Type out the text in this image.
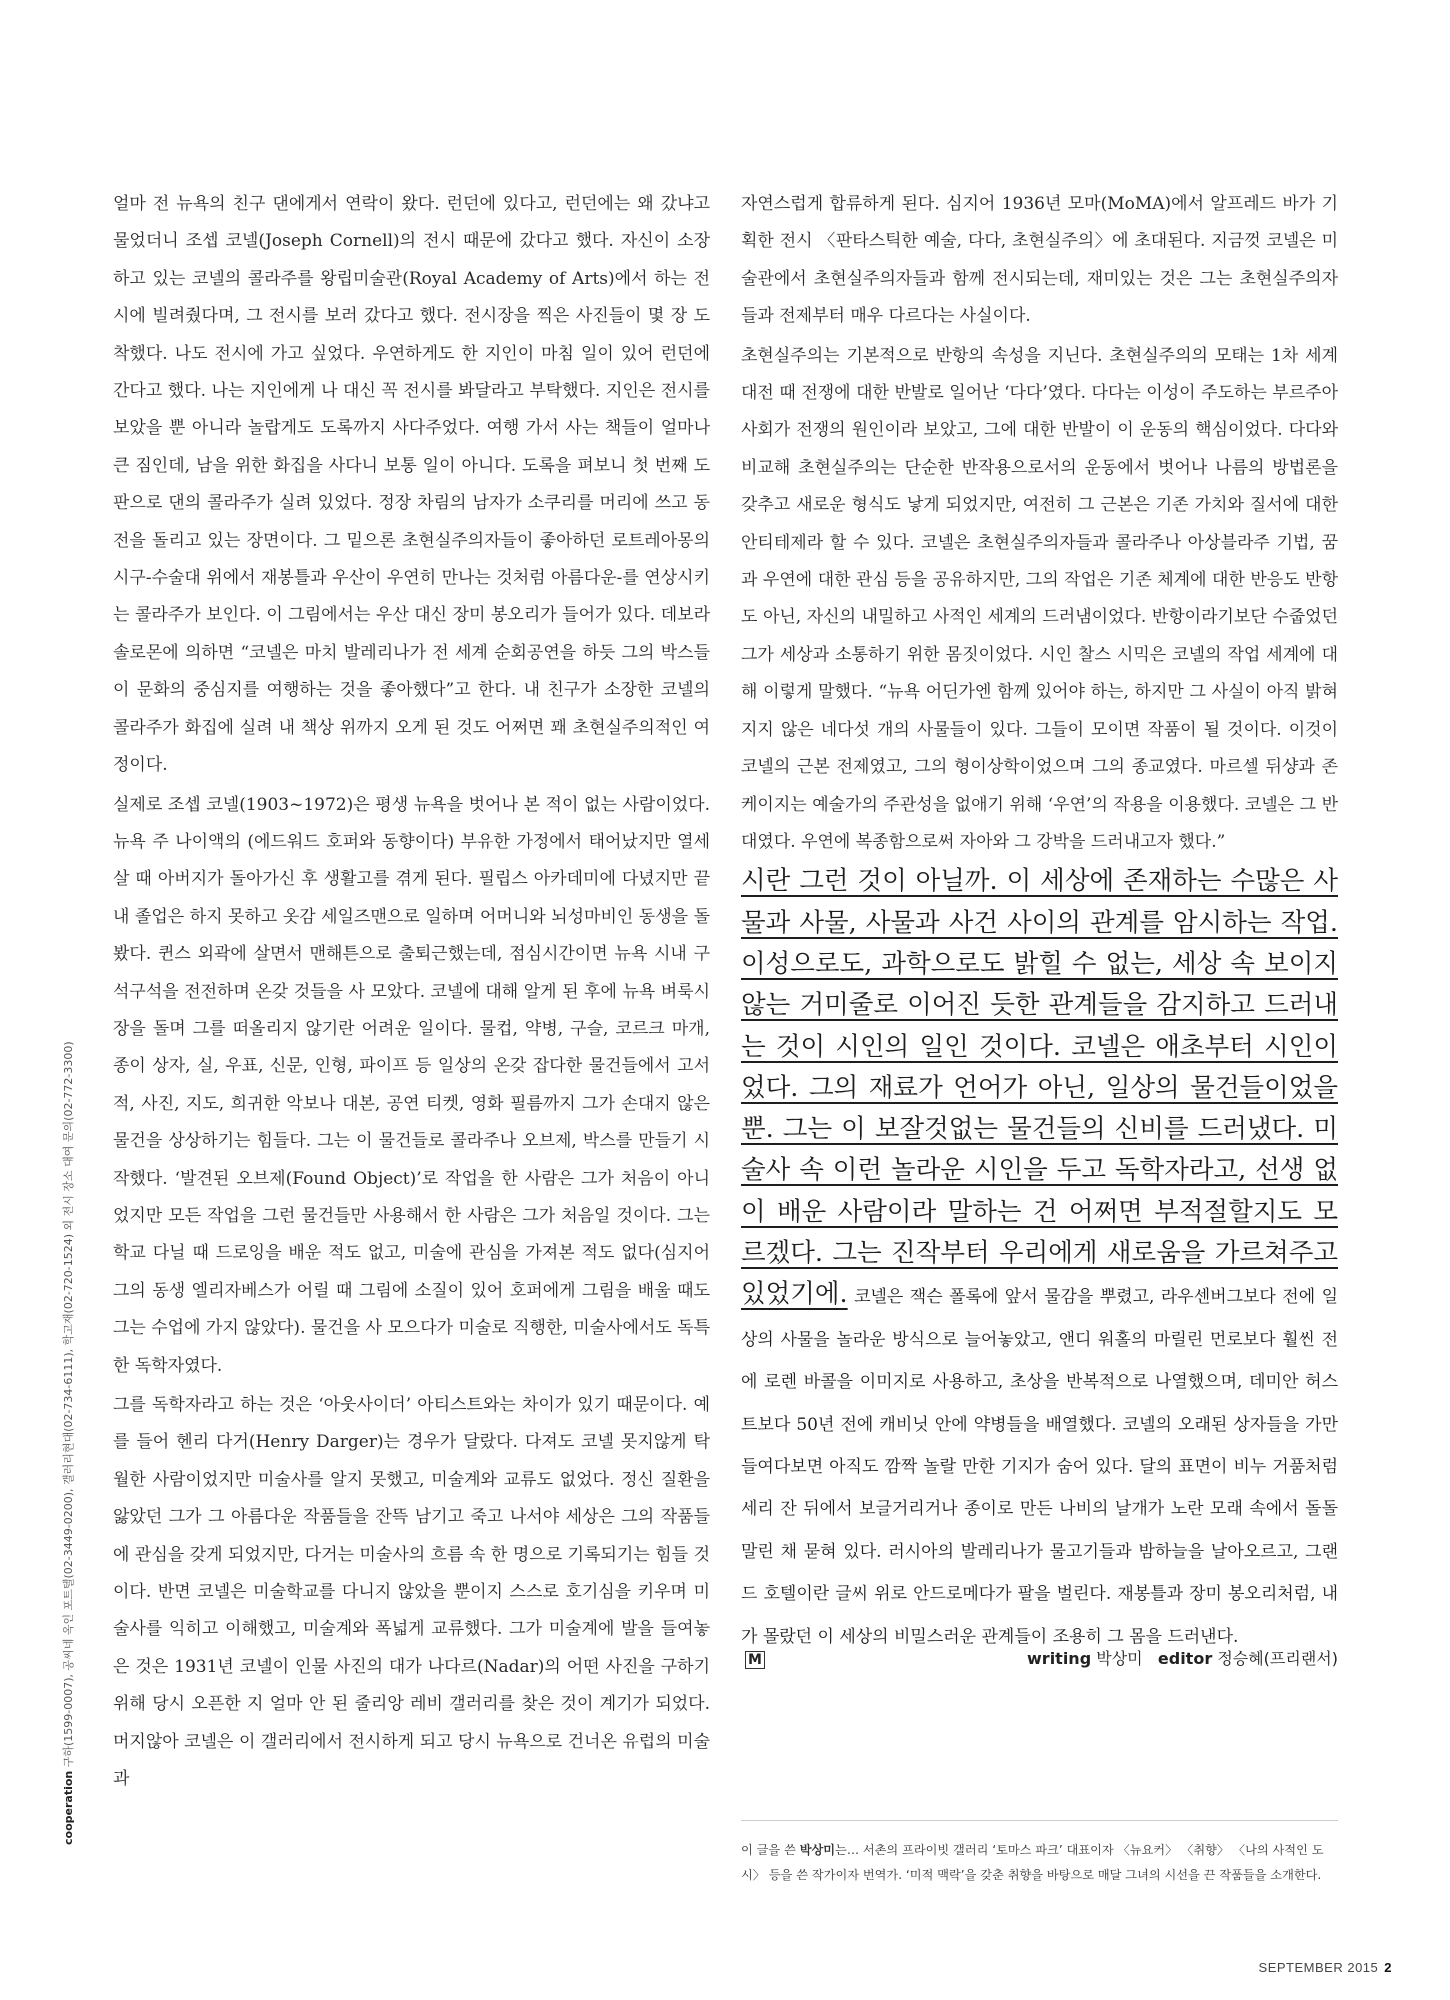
얼마 전 뉴욕의 친구 댄에게서 연락이 왔다. 런던에 있다고, 런던에는 왜 갔냐고 물었더니 조셉 코넬(Joseph Cornell)의 전시 때문에 갔다고 했다. 자신이 소장하고 있는 코넬의 콜라주를 왕립미술관(Royal Academy of Arts)에서 하는 전시에 빌려줬다며, 그 전시를 보러 갔다고 했다. 전시장을 찍은 사진들이 몇 장 도착했다. 나도 전시에 가고 싶었다. 우연하게도 한 지인이 마침 일이 있어 런던에 간다고 했다. 나는 지인에게 나 대신 꼭 전시를 봐달라고 부탁했다. 지인은 전시를 보았을 뿐 아니라 놀랍게도 도록까지 사다주었다. 여행 가서 사는 책들이 얼마나 큰 짐인데, 남을 위한 화집을 사다니 보통 일이 아니다. 도록을 펴보니 첫 번째 도판으로 댄의 콜라주가 실려 있었다. 정장 차림의 남자가 소쿠리를 머리에 쓰고 동전을 돌리고 있는 장면이다. 그 밑으론 초현실주의자들이 좋아하던 로트레아몽의 시구-수술대 위에서 재봉틀과 우산이 우연히 만나는 것처럼 아름다운-를 연상시키는 콜라주가 보인다. 이 그림에서는 우산 대신 장미 봉오리가 들어가 있다. 데보라 솔로몬에 의하면 “코넬은 마치 발레리나가 전 세계 순회공연을 하듯 그의 박스들이 문화의 중심지를 여행하는 것을 좋아했다”고 한다. 내 친구가 소장한 코넬의 콜라주가 화집에 실려 내 책상 위까지 오게 된 것도 어쩌면 꽤 초현실주의적인 여정이다.

실제로 조셉 코넬(1903~1972)은 평생 뉴욕을 벗어나 본 적이 없는 사람이었다. 뉴욕 주 나이액의 (에드워드 호퍼와 동향이다) 부유한 가정에서 태어났지만 열세 살 때 아버지가 돌아가신 후 생활고를 겪게 된다. 필립스 아카데미에 다녔지만 끝내 졸업은 하지 못하고 옷감 세일즈맨으로 일하며 어머니와 뇌성마비인 동생을 돌봤다. 퀸스 외곽에 살면서 맨해튼으로 출퇴근했는데, 점심시간이면 뉴욕 시내 구석구석을 전전하며 온갖 것들을 사 모았다. 코넬에 대해 알게 된 후에 뉴욕 벼룩시장을 돌며 그를 떠올리지 않기란 어려운 일이다. 물컵, 약병, 구슬, 코르크 마개, 종이 상자, 실, 우표, 신문, 인형, 파이프 등 일상의 온갖 잡다한 물건들에서 고서적, 사진, 지도, 희귀한 악보나 대본, 공연 티켓, 영화 필름까지 그가 손대지 않은 물건을 상상하기는 힘들다. 그는 이 물건들로 콜라주나 오브제, 박스를 만들기 시작했다. ‘발견된 오브제(Found Object)’로 작업을 한 사람은 그가 처음이 아니었지만 모든 작업을 그런 물건들만 사용해서 한 사람은 그가 처음일 것이다. 그는 학교 다닐 때 드로잉을 배운 적도 없고, 미술에 관심을 가져본 적도 없다(심지어 그의 동생 엘리자베스가 어릴 때 그림에 소질이 있어 호퍼에게 그림을 배울 때도 그는 수업에 가지 않았다). 물건을 사 모으다가 미술로 직행한, 미술사에서도 독특한 독학자였다.

그를 독학자라고 하는 것은 ‘아웃사이더’ 아티스트와는 차이가 있기 때문이다. 예를 들어 헨리 다거(Henry Darger)는 경우가 달랐다. 다져도 코넬 못지않게 탁월한 사람이었지만 미술사를 알지 못했고, 미술계와 교류도 없었다. 정신 질환을 앓았던 그가 그 아름다운 작품들을 잔뜩 남기고 죽고 나서야 세상은 그의 작품들에 관심을 갖게 되었지만, 다거는 미술사의 흐름 속 한 명으로 기록되기는 힘들 것이다. 반면 코넬은 미술학교를 다니지 않았을 뿐이지 스스로 호기심을 키우며 미술사를 익히고 이해했고, 미술계와 폭넓게 교류했다. 그가 미술계에 발을 들여놓은 것은 1931년 코넬이 인물 사진의 대가 나다르(Nadar)의 어떤 사진을 구하기 위해 당시 오픈한 지 얼마 안 된 줄리앙 레비 갤러리를 찾은 것이 계기가 되었다. 머지않아 코넬은 이 갤러리에서 전시하게 되고 당시 뉴욕으로 건너온 유럽의 미술과

자연스럽게 합류하게 된다. 심지어 1936년 모마(MoMA)에서 알프레드 바가 기획한 전시 〈판타스틱한 예술, 다다, 초현실주의〉에 초대된다. 지금껏 코넬은 미술관에서 초현실주의자들과 함께 전시되는데, 재미있는 것은 그는 초현실주의자들과 전제부터 매우 다르다는 사실이다.

초현실주의는 기본적으로 반항의 속성을 지닌다. 초현실주의의 모태는 1차 세계대전 때 전쟁에 대한 반발로 일어난 ‘다다’였다. 다다는 이성이 주도하는 부르주아 사회가 전쟁의 원인이라 보았고, 그에 대한 반발이 이 운동의 핵심이었다. 다다와 비교해 초현실주의는 단순한 반작용으로서의 운동에서 벗어나 나름의 방법론을 갖추고 새로운 형식도 낳게 되었지만, 여전히 그 근본은 기존 가치와 질서에 대한 안티테제라 할 수 있다. 코넬은 초현실주의자들과 콜라주나 아상블라주 기법, 꿈과 우연에 대한 관심 등을 공유하지만, 그의 작업은 기존 체계에 대한 반응도 반항도 아닌, 자신의 내밀하고 사적인 세계의 드러냄이었다. 반항이라기보단 수줍었던 그가 세상과 소통하기 위한 몸짓이었다. 시인 찰스 시믹은 코넬의 작업 세계에 대해 이렇게 말했다. “뉴욕 어딘가엔 함께 있어야 하는, 하지만 그 사실이 아직 밝혀지지 않은 네다섯 개의 사물들이 있다. 그들이 모이면 작품이 될 것이다. 이것이 코넬의 근본 전제였고, 그의 형이상학이었으며 그의 종교였다. 마르셀 뒤샹과 존 케이지는 예술가의 주관성을 없애기 위해 ‘우연’의 작용을 이용했다. 코넬은 그 반대였다. 우연에 복종함으로써 자아와 그 강박을 드러내고자 했다.”

시란 그런 것이 아닐까. 이 세상에 존재하는 수많은 사물과 사물, 사물과 사건 사이의 관계를 암시하는 작업. 이성으로도, 과학으로도 밝힐 수 없는, 세상 속 보이지 않는 거미줄로 이어진 듯한 관계들을 감지하고 드러내는 것이 시인의 일인 것이다. 코넬은 애초부터 시인이었다. 그의 재료가 언어가 아닌, 일상의 물건들이었을 뿐. 그는 이 보잘것없는 물건들의 신비를 드러냈다. 미술사 속 이런 놀라운 시인을 두고 독학자라고, 선생 없이 배운 사람이라 말하는 건 어쩌면 부적절할지도 모르겠다. 그는 진작부터 우리에게 새로움을 가르쳐주고 있었기에. 코넬은 잭슨 폴록에 앞서 물감을 뿌렸고, 라우센버그보다 전에 일상의 사물을 놀라운 방식으로 늘어놓았고, 앤디 워홀의 마릴린 먼로보다 훨씬 전에 로렌 바콜을 이미지로 사용하고, 초상을 반복적으로 나열했으며, 데미안 허스트보다 50년 전에 캐비닛 안에 약병들을 배열했다. 코넬의 오래된 상자들을 가만 들여다보면 아직도 깜짝 놀랄 만한 기지가 숨어 있다. 달의 표면이 비누 거품처럼 세리 잔 뒤에서 보글거리거나 종이로 만든 나비의 날개가 노란 모래 속에서 돌돌 말린 채 묻혀 있다. 러시아의 발레리나가 물고기들과 밤하늘을 날아오르고, 그랜드 호텔이란 글씨 위로 안드로메다가 팔을 벌린다. 재봉틀과 장미 봉오리처럼, 내가 몰랐던 이 세상의 비밀스러운 관계들이 조용히 그 몸을 드러낸다.

M	writing 박상미 editor 정승혜(프리랜서)

이 글을 쓴 박상미는… 서촌의 프라이빗 갤러리 ‘토마스 파크’ 대표이자 〈뉴요커〉 〈취향〉 〈나의 사적인 도시〉 등을 쓴 작가이자 번역가. ‘미적 맥락’을 갖춘 취향을 바탕으로 매달 그녀의 시선을 끈 작품들을 소개한다.

cooperation 구하(1599-0007), 공씨네 옥인 포트텔(02-3449-0200), 갤러리현대(02-734-6111), 학고재(02-720-1524) 외 전시 장소 대여 문의(02-772-3300)
SEPTEMBER 2015 2
